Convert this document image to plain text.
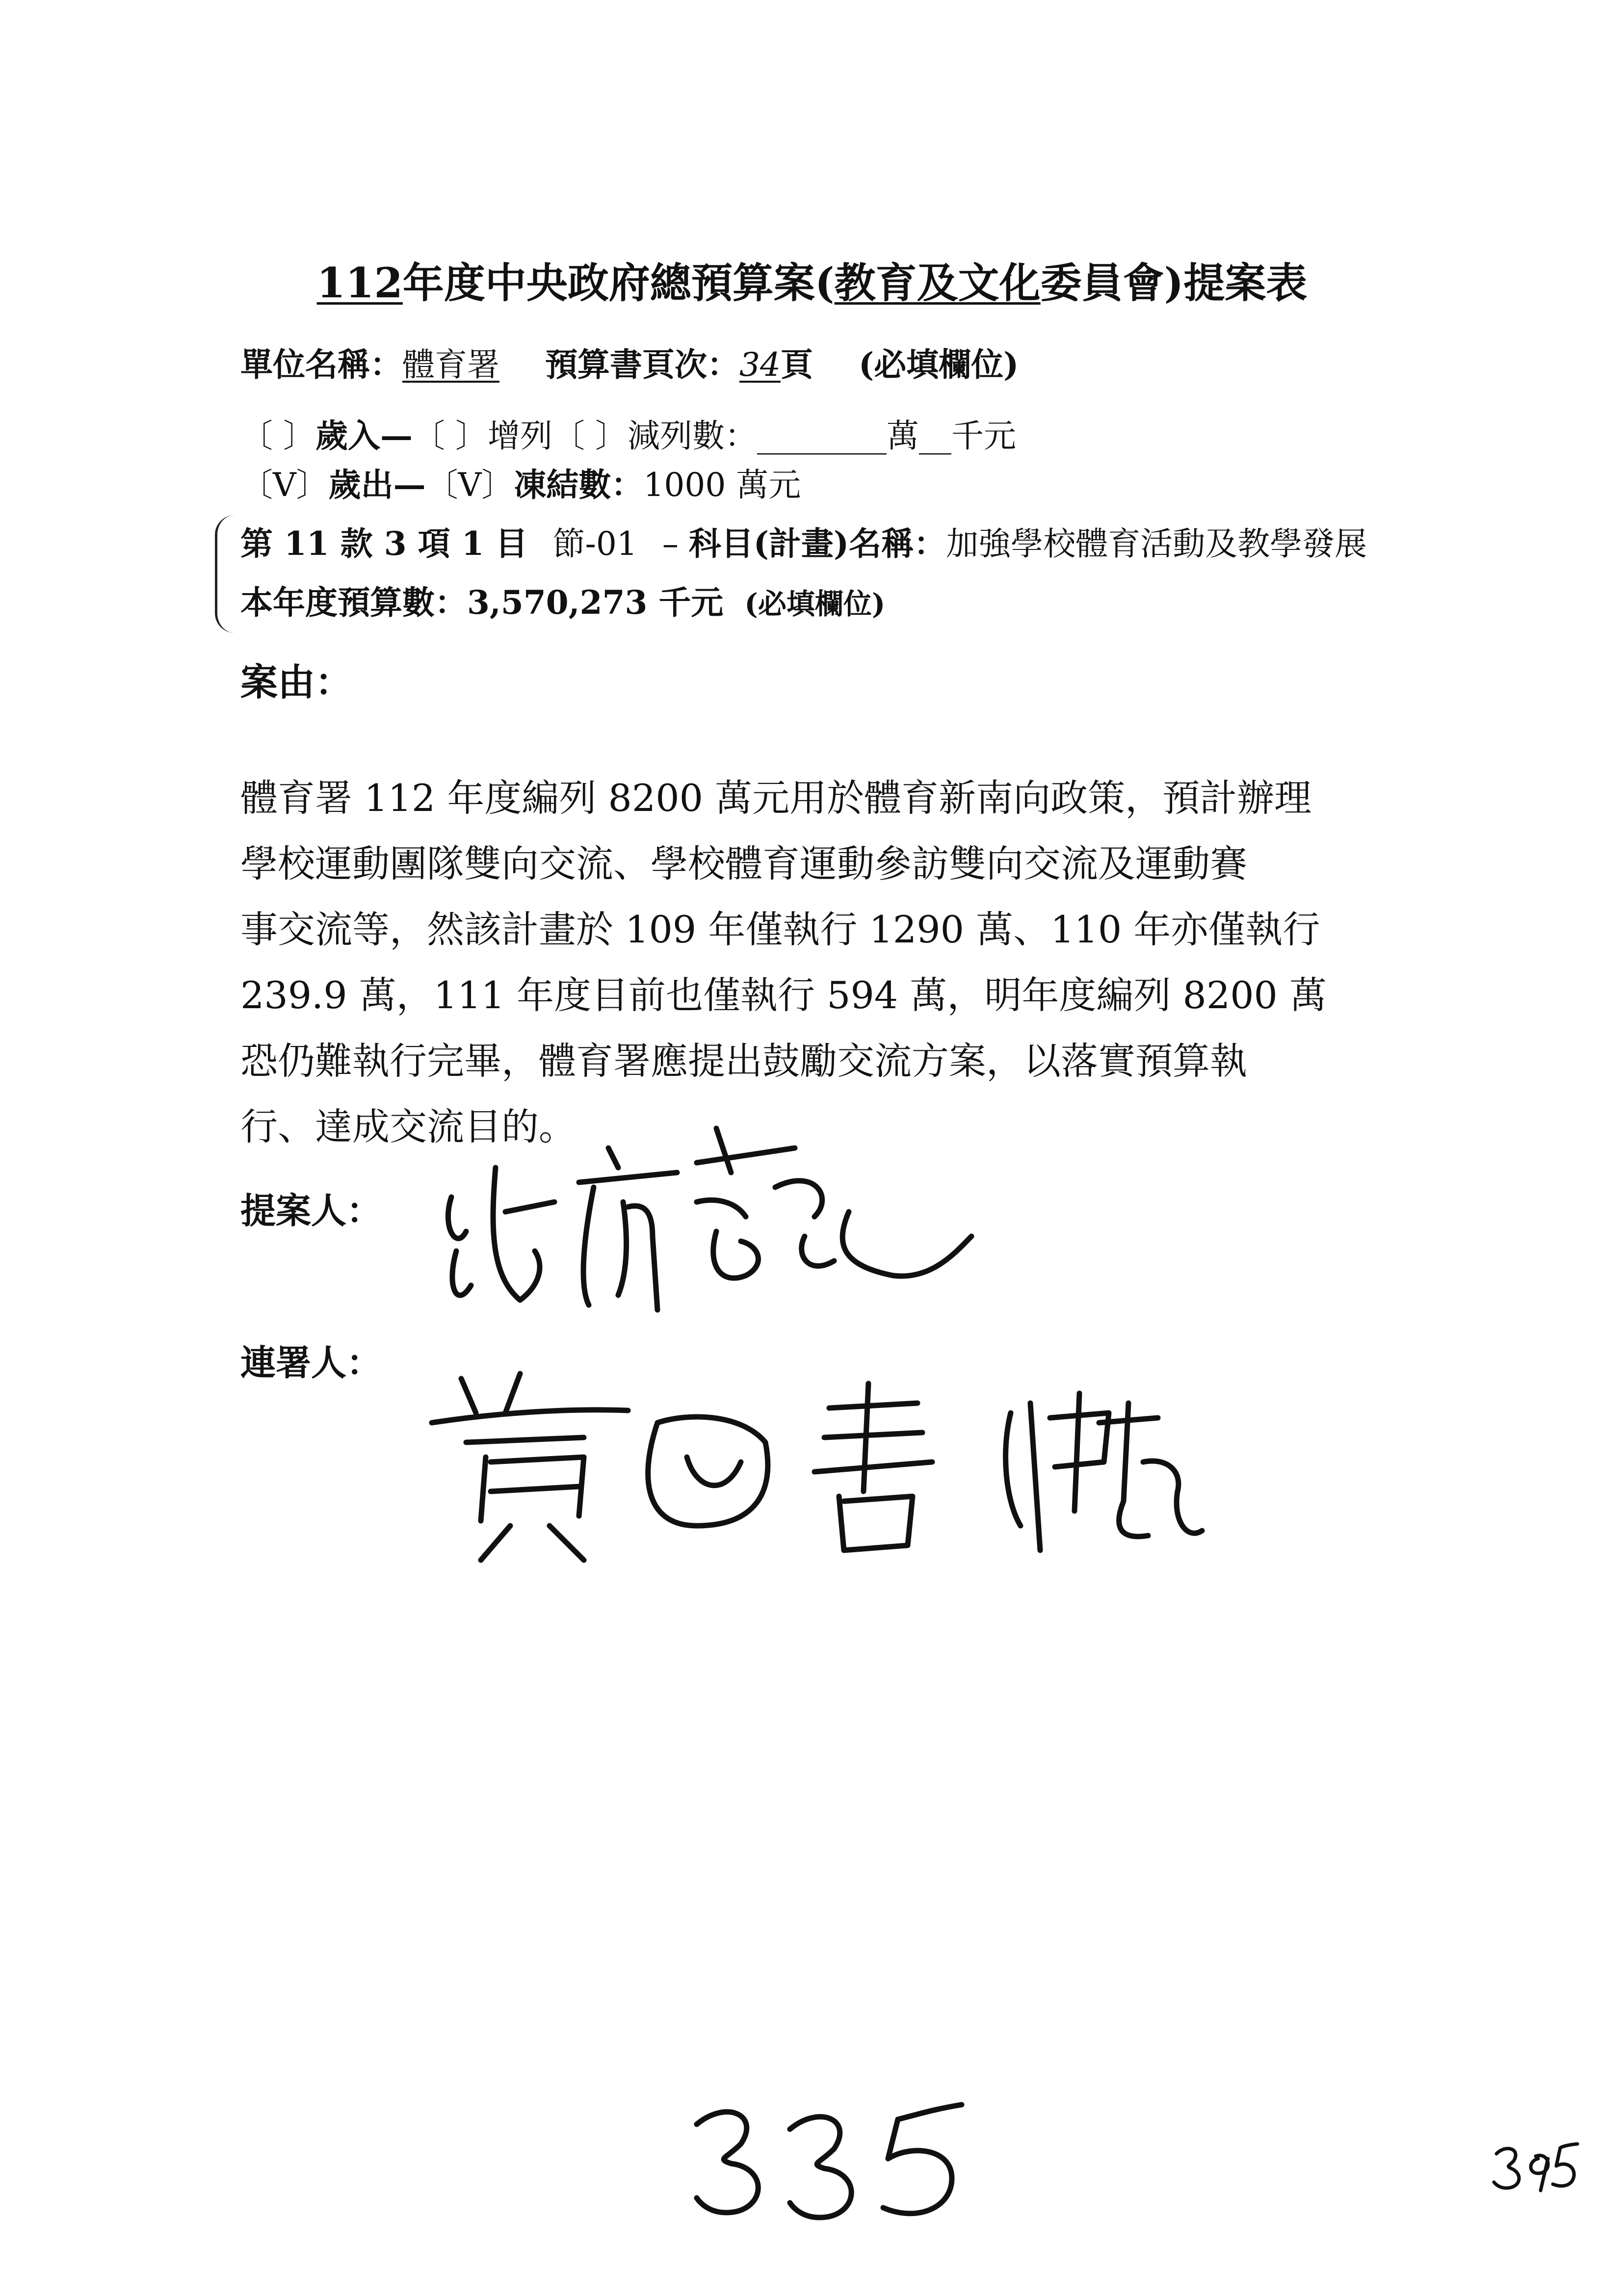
112年度中央政府總預算案(教育及文化委員會)提案表
單位名稱：體育署 預算書頁次：34頁 (必填欄位)
〔 〕歲入—〔 〕增列〔 〕減列數：________萬__千元
〔V〕歲出—〔V〕凍結數：1000 萬元
第 11 款 3 項 1 目 節-01 – 科目(計畫)名稱：加強學校體育活動及教學發展
本年度預算數：3,570,273 千元 (必填欄位)
案由：

體育署 112 年度編列 8200 萬元用於體育新南向政策，預計辦理

學校運動團隊雙向交流、學校體育運動參訪雙向交流及運動賽

事交流等，然該計畫於 109 年僅執行 1290 萬、110 年亦僅執行

239.9 萬，111 年度目前也僅執行 594 萬，明年度編列 8200 萬

恐仍難執行完畢，體育署應提出鼓勵交流方案，以落實預算執

行、達成交流目的。

提案人：
連署人：
